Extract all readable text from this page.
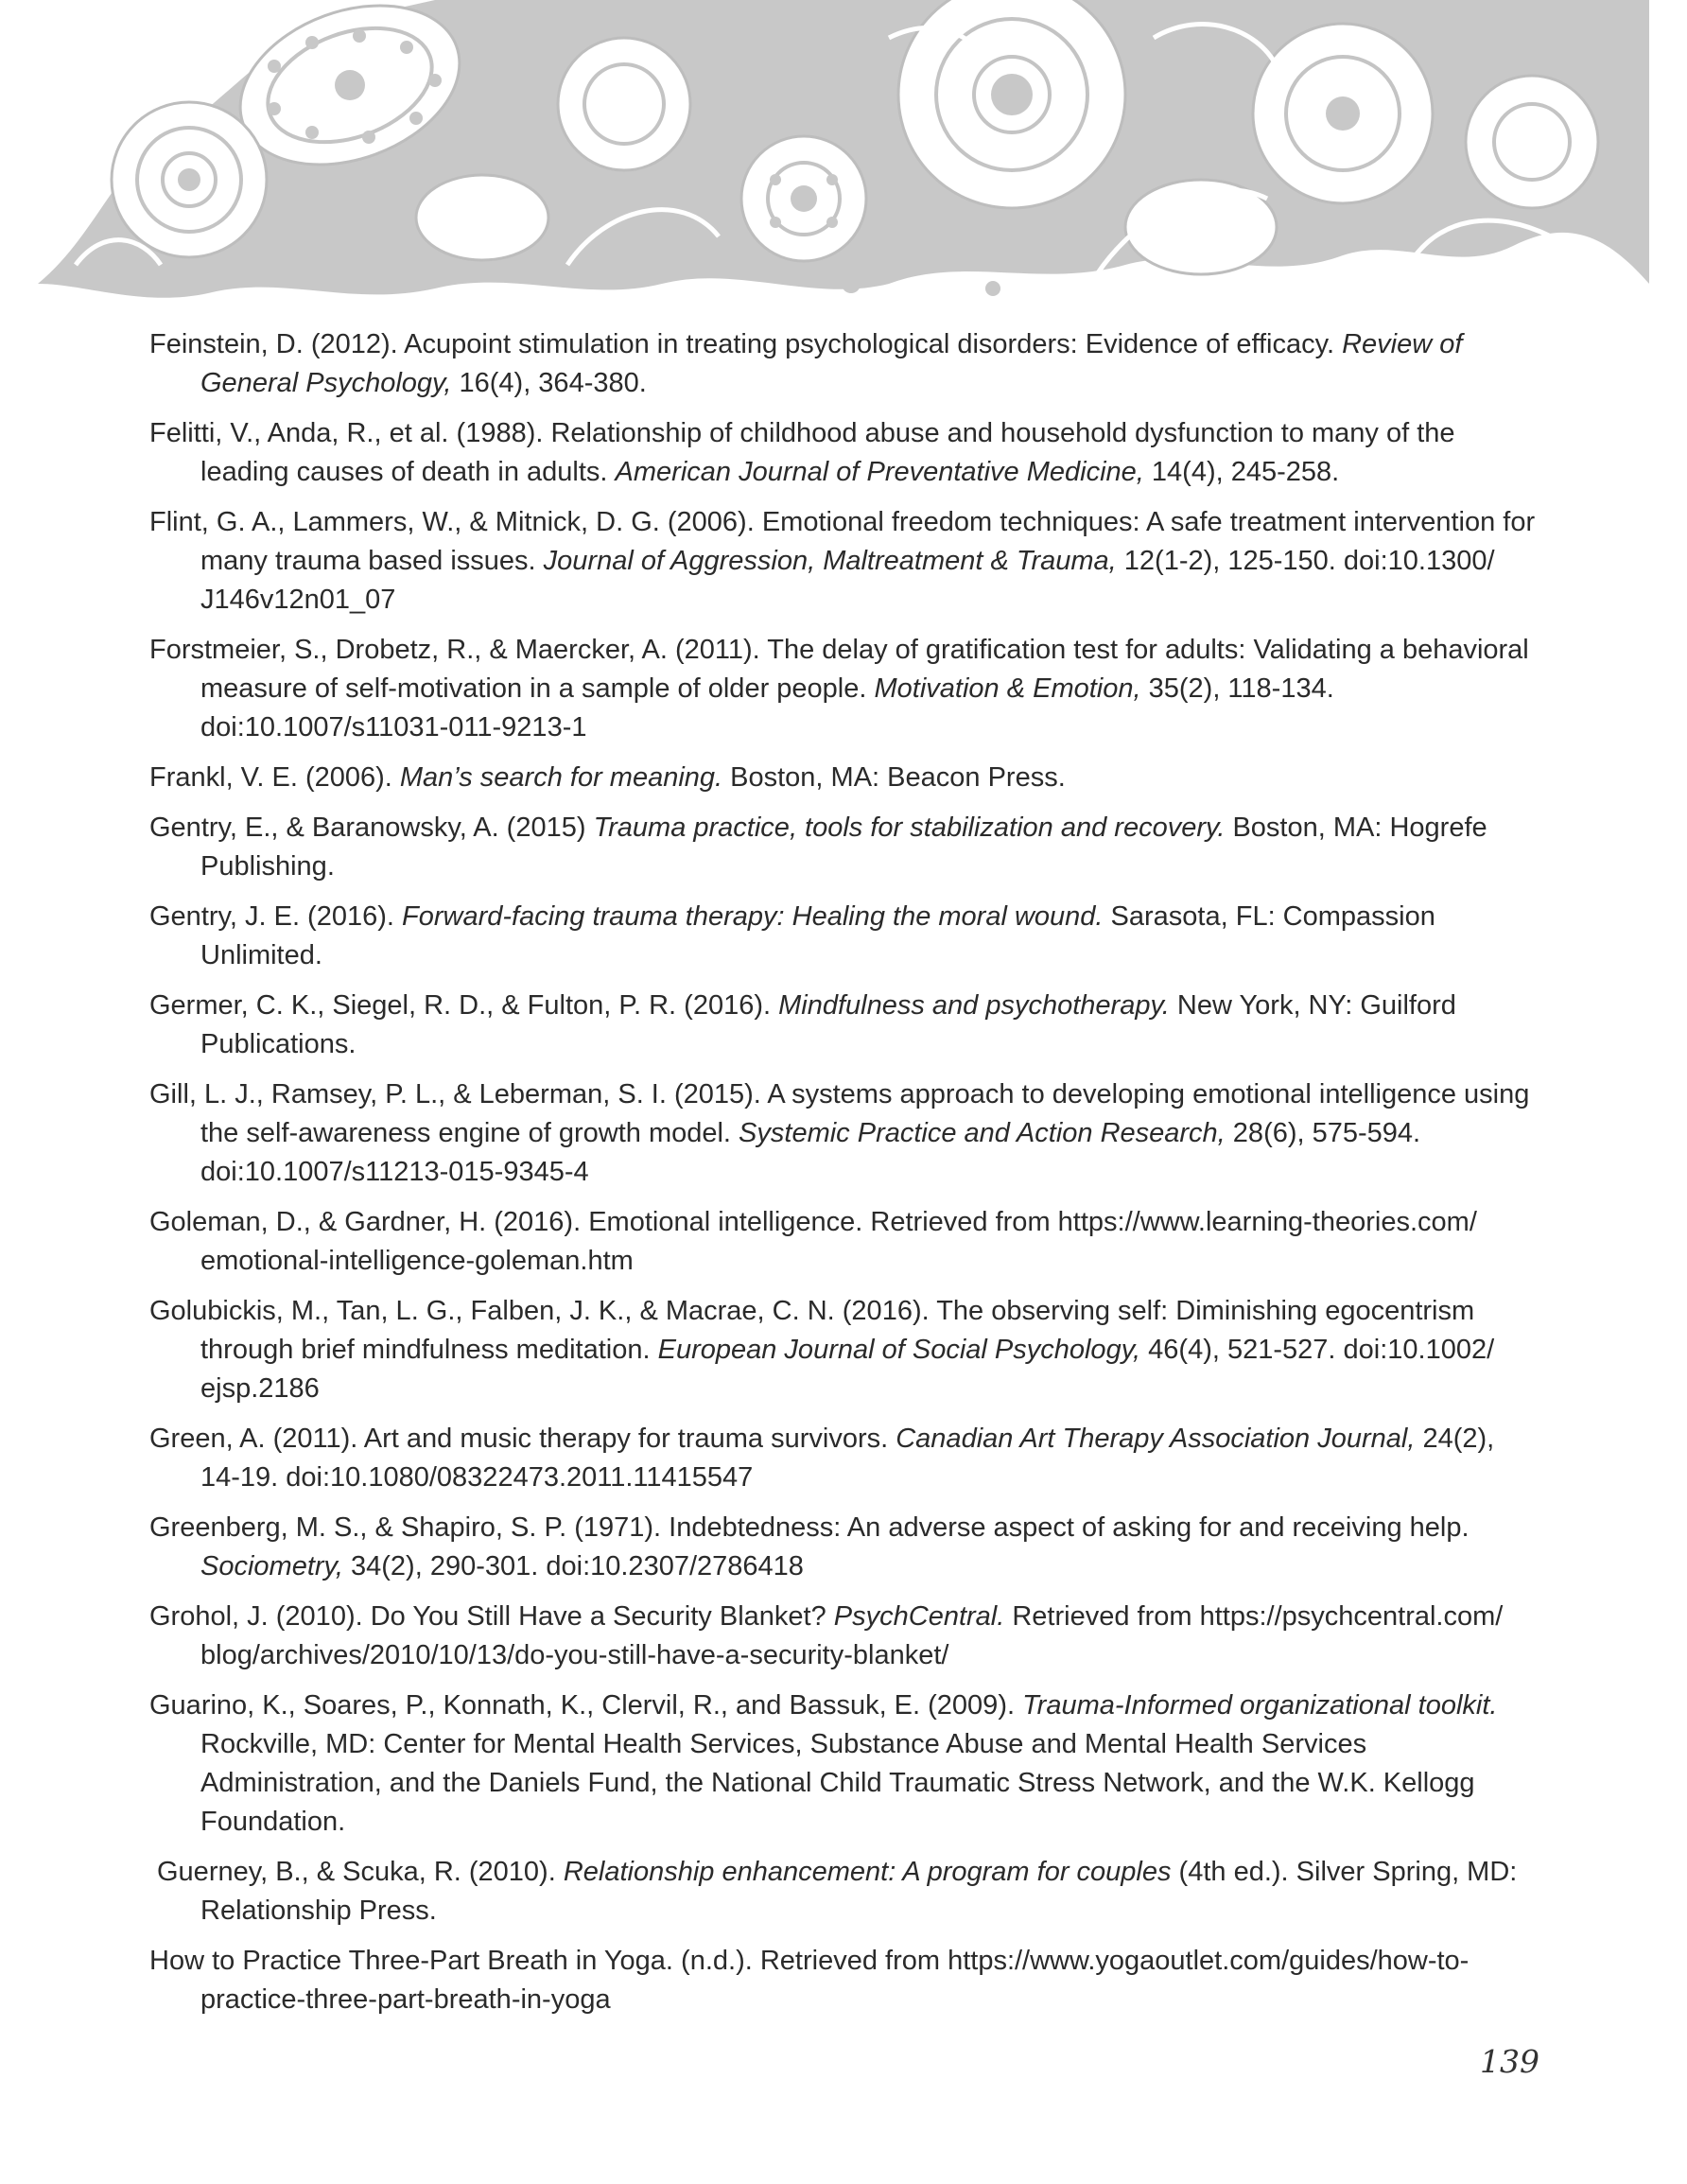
Feinstein, D. (2012). Acupoint stimulation in treating psychological disorders: Evidence of efficacy. Review of General Psychology, 16(4), 364-380.

Felitti, V., Anda, R., et al. (1988). Relationship of childhood abuse and household dysfunction to many of the leading causes of death in adults. American Journal of Preventative Medicine, 14(4), 245-258.

Flint, G. A., Lammers, W., & Mitnick, D. G. (2006). Emotional freedom techniques: A safe treatment intervention for many trauma based issues. Journal of Aggression, Maltreatment & Trauma, 12(1-2), 125-150. doi:10.1300/ J146v12n01_07

Forstmeier, S., Drobetz, R., & Maercker, A. (2011). The delay of gratification test for adults: Validating a behavioral measure of self-motivation in a sample of older people. Motivation & Emotion, 35(2), 118-134. doi:10.1007/s11031-011-9213-1

Frankl, V. E. (2006). Man’s search for meaning. Boston, MA: Beacon Press.

Gentry, E., & Baranowsky, A. (2015) Trauma practice, tools for stabilization and recovery. Boston, MA: Hogrefe Publishing.

Gentry, J. E. (2016). Forward-facing trauma therapy: Healing the moral wound. Sarasota, FL: Compassion Unlimited.

Germer, C. K., Siegel, R. D., & Fulton, P. R. (2016). Mindfulness and psychotherapy. New York, NY: Guilford Publications.

Gill, L. J., Ramsey, P. L., & Leberman, S. I. (2015). A systems approach to developing emotional intelligence using the self-awareness engine of growth model. Systemic Practice and Action Research, 28(6), 575-594. doi:10.1007/s11213-015-9345-4

Goleman, D., & Gardner, H. (2016). Emotional intelligence. Retrieved from https://www.learning-theories.com/ emotional-intelligence-goleman.htm

Golubickis, M., Tan, L. G., Falben, J. K., & Macrae, C. N. (2016). The observing self: Diminishing egocentrism through brief mindfulness meditation. European Journal of Social Psychology, 46(4), 521-527. doi:10.1002/ ejsp.2186

Green, A. (2011). Art and music therapy for trauma survivors. Canadian Art Therapy Association Journal, 24(2), 14-19. doi:10.1080/08322473.2011.11415547

Greenberg, M. S., & Shapiro, S. P. (1971). Indebtedness: An adverse aspect of asking for and receiving help. Sociometry, 34(2), 290-301. doi:10.2307/2786418

Grohol, J. (2010). Do You Still Have a Security Blanket? PsychCentral. Retrieved from https://psychcentral.com/ blog/archives/2010/10/13/do-you-still-have-a-security-blanket/

Guarino, K., Soares, P., Konnath, K., Clervil, R., and Bassuk, E. (2009). Trauma-Informed organizational toolkit. Rockville, MD: Center for Mental Health Services, Substance Abuse and Mental Health Services Administration, and the Daniels Fund, the National Child Traumatic Stress Network, and the W.K. Kellogg Foundation.

Guerney, B., & Scuka, R. (2010). Relationship enhancement: A program for couples (4th ed.). Silver Spring, MD: Relationship Press.

How to Practice Three-Part Breath in Yoga. (n.d.). Retrieved from https://www.yogaoutlet.com/guides/how-to-practice-three-part-breath-in-yoga

139
